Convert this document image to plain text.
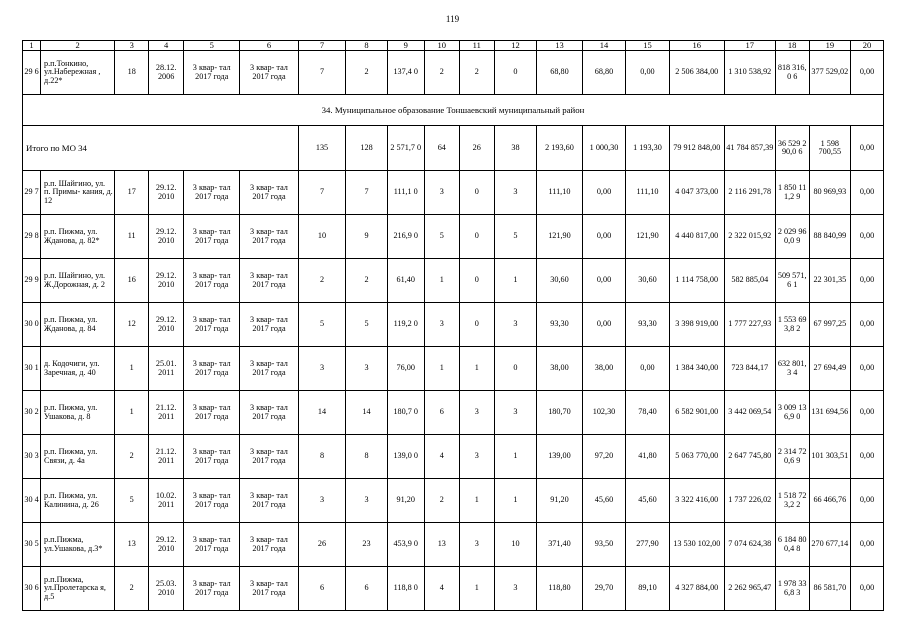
119
1	2	3	4	5	6	7	8	9	10	11	12	13	14	15	16	17	18	19	20
29 6	р.п.Тонкино, ул.Набережная , д.22*	18	28.12. 2006	3 квар- тал 2017 года	3 квар- тал 2017 года	7	2	137,4 0	2	2	0	68,80	68,80	0,00	2 506 384,00	1 310 538,92	818 316,0 6	377 529,02	0,00
34. Муниципальное образование Тоншаевский муниципальный район																			
Итого по МО 34						135	128	2 571,7 0	64	26	38	2 193,60	1 000,30	1 193,30	79 912 848,00	41 784 857,39	36 529 290,0 6	1 598 700,55	0,00
29 7	р.п. Шайгино, ул. п. Примы- кания, д. 12	17	29.12. 2010	3 квар- тал 2017 года	3 квар- тал 2017 года	7	7	111,1 0	3	0	3	111,10	0,00	111,10	4 047 373,00	2 116 291,78	1 850 111,2 9	80 969,93	0,00
29 8	р.п. Пижма, ул. Жданова, д. 82*	11	29.12. 2010	3 квар- тал 2017 года	3 квар- тал 2017 года	10	9	216,9 0	5	0	5	121,90	0,00	121,90	4 440 817,00	2 322 015,92	2 029 960,0 9	88 840,99	0,00
29 9	р.п. Шайгино, ул. Ж.Дорожная, д. 2	16	29.12. 2010	3 квар- тал 2017 года	3 квар- тал 2017 года	2	2	61,40	1	0	1	30,60	0,00	30,60	1 114 758,00	582 885,04	509 571,6 1	22 301,35	0,00
30 0	р.п. Пижма, ул. Жданова, д. 84	12	29.12. 2010	3 квар- тал 2017 года	3 квар- тал 2017 года	5	5	119,2 0	3	0	3	93,30	0,00	93,30	3 398 919,00	1 777 227,93	1 553 693,8 2	67 997,25	0,00
30 1	д. Кодочиги, ул. Заречная, д. 40	1	25.01. 2011	3 квар- тал 2017 года	3 квар- тал 2017 года	3	3	76,00	1	1	0	38,00	38,00	0,00	1 384 340,00	723 844,17	632 801,3 4	27 694,49	0,00
30 2	р.п. Пижма, ул. Ушакова, д. 8	1	21.12. 2011	3 квар- тал 2017 года	3 квар- тал 2017 года	14	14	180,7 0	6	3	3	180,70	102,30	78,40	6 582 901,00	3 442 069,54	3 009 136,9 0	131 694,56	0,00
30 3	р.п. Пижма, ул. Связи, д. 4а	2	21.12. 2011	3 квар- тал 2017 года	3 квар- тал 2017 года	8	8	139,0 0	4	3	1	139,00	97,20	41,80	5 063 770,00	2 647 745,80	2 314 720,6 9	101 303,51	0,00
30 4	р.п. Пижма, ул. Калинина, д. 26	5	10.02. 2011	3 квар- тал 2017 года	3 квар- тал 2017 года	3	3	91,20	2	1	1	91,20	45,60	45,60	3 322 416,00	1 737 226,02	1 518 723,2 2	66 466,76	0,00
30 5	р.п.Пижма, ул.Ушакова, д.3*	13	29.12. 2010	3 квар- тал 2017 года	3 квар- тал 2017 года	26	23	453,9 0	13	3	10	371,40	93,50	277,90	13 530 102,00	7 074 624,38	6 184 800,4 8	270 677,14	0,00
30 6	р.п.Пижма, ул.Пролетарска я, д.5	2	25.03. 2010	3 квар- тал 2017 года	3 квар- тал 2017 года	6	6	118,8 0	4	1	3	118,80	29,70	89,10	4 327 884,00	2 262 965,47	1 978 336,8 3	86 581,70	0,00
